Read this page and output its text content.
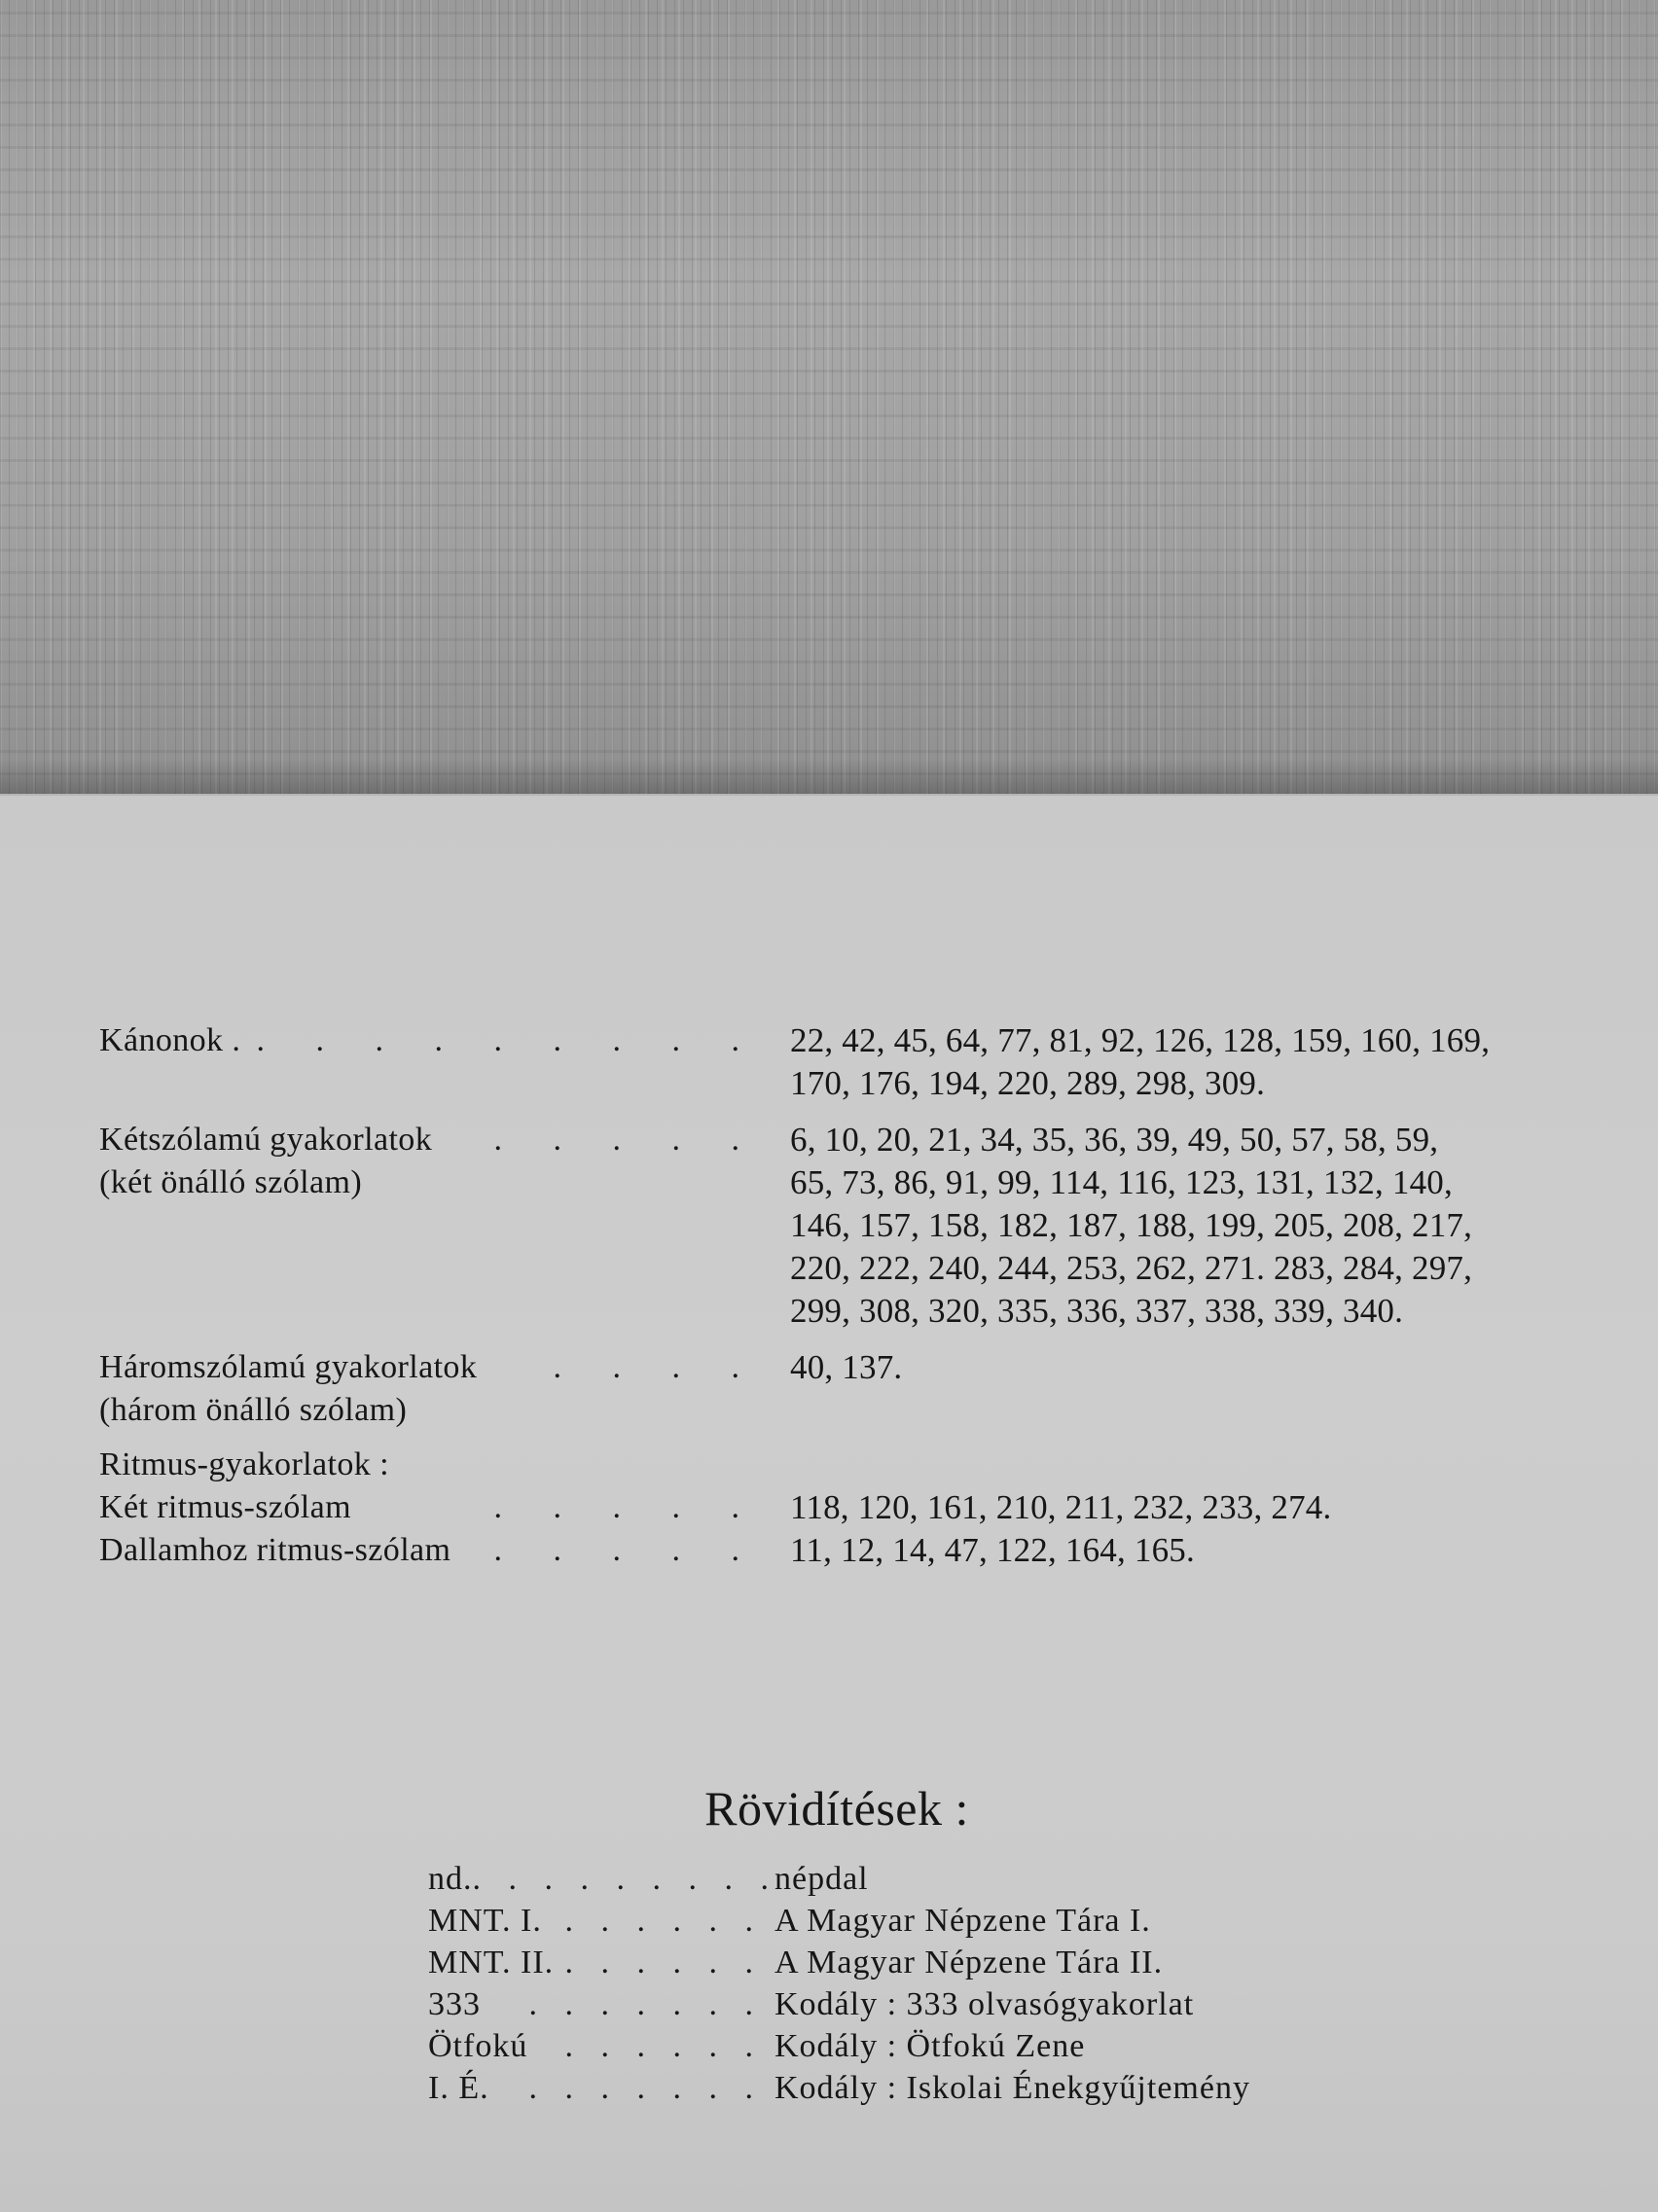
Kánonok . . . . . . . . . . 22, 42, 45, 64, 77, 81, 92, 126, 128, 159, 160, 169,
170, 176, 194, 220, 289, 298, 309.
Kétszólamú gyakorlatok . . . . .
(két önálló szólam)
6, 10, 20, 21, 34, 35, 36, 39, 49, 50, 57, 58, 59,
65, 73, 86, 91, 99, 114, 116, 123, 131, 132, 140,
146, 157, 158, 182, 187, 188, 199, 205, 208, 217,
220, 222, 240, 244, 253, 262, 271. 283, 284, 297,
299, 308, 320, 335, 336, 337, 338, 339, 340.
Háromszólamú gyakorlatok . . . .
(három önálló szólam)
40, 137.
Ritmus-gyakorlatok :
Két ritmus-szólam	. . . . . 118, 120, 161, 210, 211, 232, 233, 274.
Dallamhoz ritmus-szólam . . . . . 11, 12, 14, 47, 122, 164, 165.
Rövidítések :
nd. . . . . . . . . .
népdal
MNT. I. . . . . . . A Magyar Népzene Tára I.
MNT. II. . . . . . . A Magyar Népzene Tára II.
333 . . . . . . . Kodály : 333 olvasógyakorlat
Ötfokú . . . . . . Kodály : Ötfokú Zene
I. É. . . . . . . . Kodály : Iskolai Énekgyűjtemény
